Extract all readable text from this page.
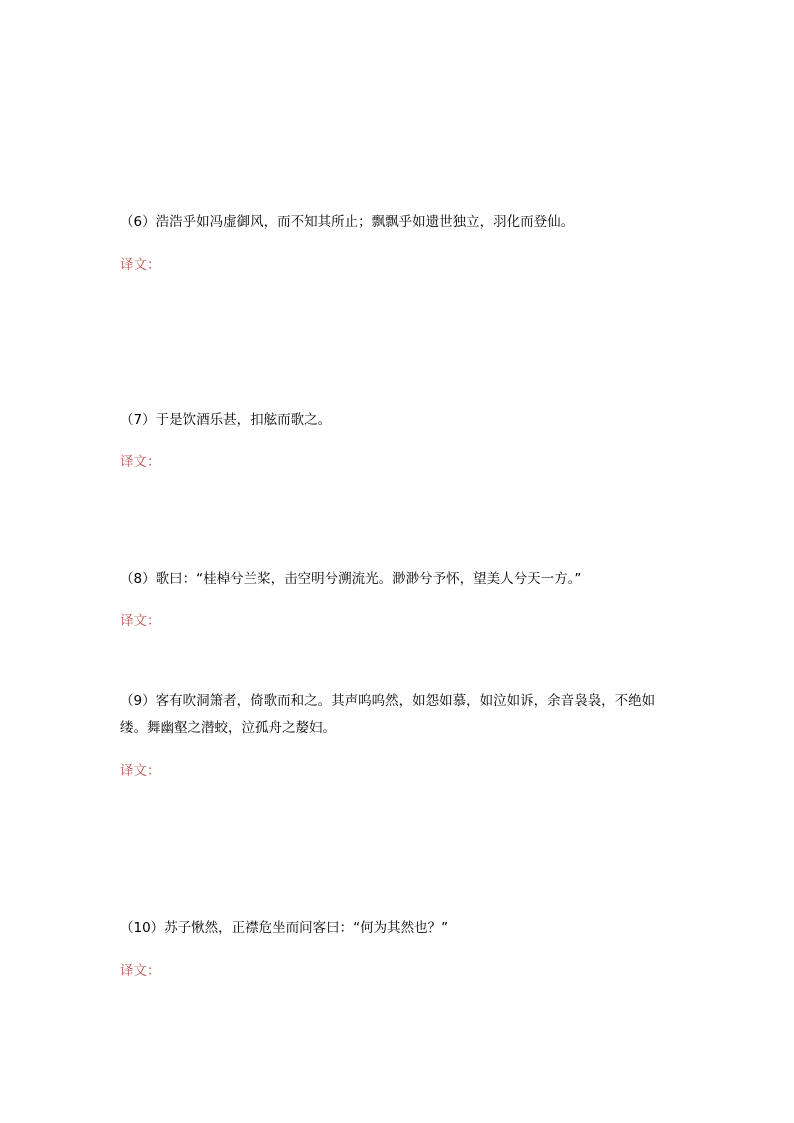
（6）浩浩乎如冯虚御风，而不知其所止；飘飘乎如遗世独立，羽化而登仙。

译文：

（7）于是饮酒乐甚，扣舷而歌之。

译文：

（8）歌曰：“桂棹兮兰桨，击空明兮溯流光。渺渺兮予怀，望美人兮天一方。”

译文：

（9）客有吹洞箫者，倚歌而和之。其声呜呜然，如怨如慕，如泣如诉，余音袅袅，不绝如缕。舞幽壑之潜蛟，泣孤舟之嫠妇。

译文：

（10）苏子愀然，正襟危坐而问客曰：“何为其然也？”

译文：
